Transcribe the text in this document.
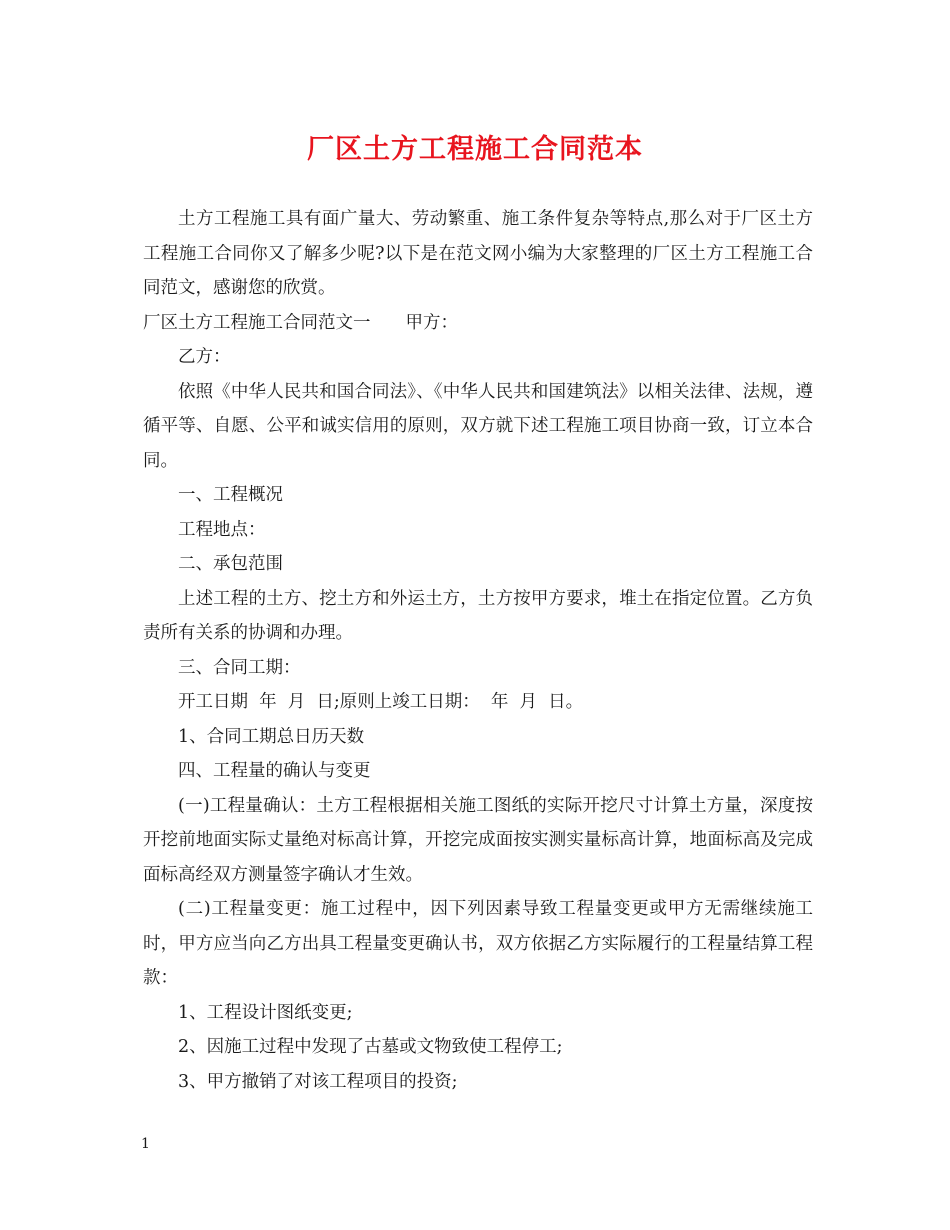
厂区土方工程施工合同范本

土方工程施工具有面广量大、劳动繁重、施工条件复杂等特点,那么对于厂区土方工程施工合同你又了解多少呢?以下是在范文网小编为大家整理的厂区土方工程施工合同范文，感谢您的欣赏。

厂区土方工程施工合同范文一　　甲方：

乙方：

依照《中华人民共和国合同法》、《中华人民共和国建筑法》以相关法律、法规，遵循平等、自愿、公平和诚实信用的原则，双方就下述工程施工项目协商一致，订立本合同。

一、工程概况

工程地点：

二、承包范围

上述工程的土方、挖土方和外运土方，土方按甲方要求，堆土在指定位置。乙方负责所有关系的协调和办理。

三、合同工期：

开工日期  年  月  日;原则上竣工日期：  年  月  日。

1、合同工期总日历天数

四、工程量的确认与变更

(一)工程量确认：土方工程根据相关施工图纸的实际开挖尺寸计算土方量，深度按开挖前地面实际丈量绝对标高计算，开挖完成面按实测实量标高计算，地面标高及完成面标高经双方测量签字确认才生效。

(二)工程量变更：施工过程中，因下列因素导致工程量变更或甲方无需继续施工时，甲方应当向乙方出具工程量变更确认书，双方依据乙方实际履行的工程量结算工程款：

1、工程设计图纸变更;

2、因施工过程中发现了古墓或文物致使工程停工;

3、甲方撤销了对该工程项目的投资;

1
